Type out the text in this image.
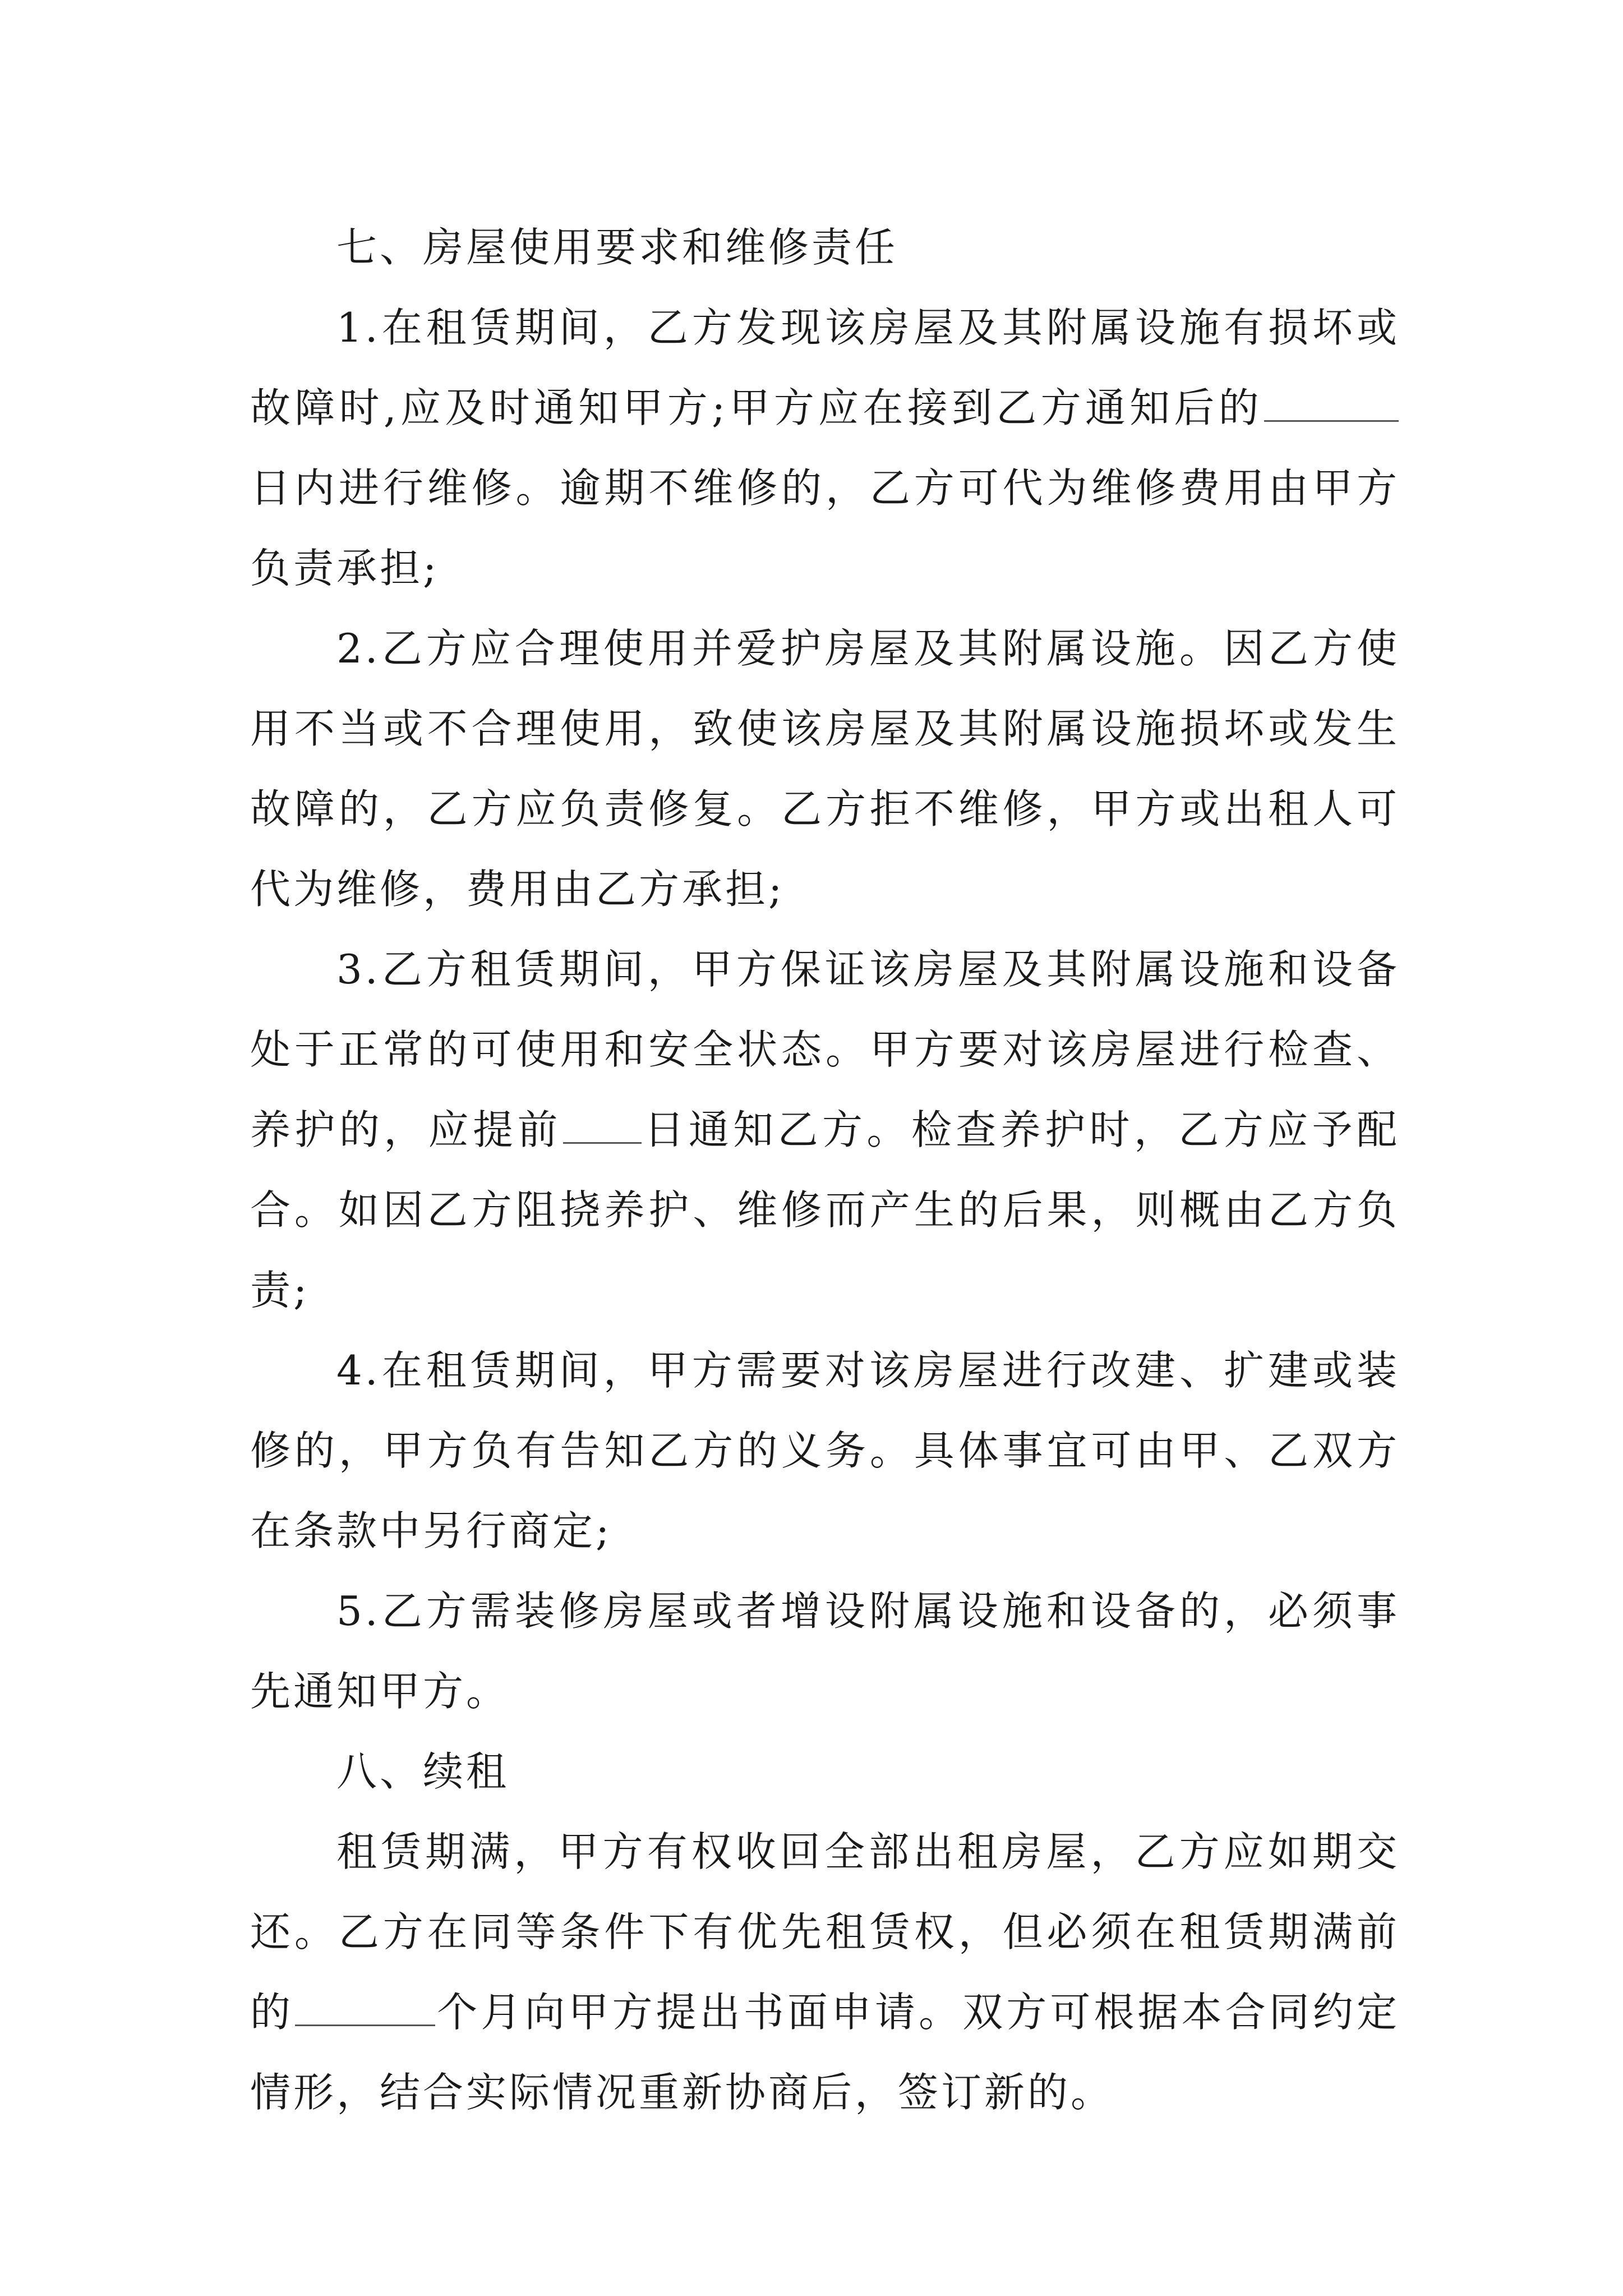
七、房屋使用要求和维修责任

1.在租赁期间，乙方发现该房屋及其附属设施有损坏或故障时,应及时通知甲方;甲方应在接到乙方通知后的日内进行维修。逾期不维修的，乙方可代为维修费用由甲方负责承担;

2.乙方应合理使用并爱护房屋及其附属设施。因乙方使用不当或不合理使用，致使该房屋及其附属设施损坏或发生故障的，乙方应负责修复。乙方拒不维修，甲方或出租人可代为维修，费用由乙方承担;

3.乙方租赁期间，甲方保证该房屋及其附属设施和设备处于正常的可使用和安全状态。甲方要对该房屋进行检查、养护的，应提前 日通知乙方。检查养护时，乙方应予配合。如因乙方阻挠养护、维修而产生的后果，则概由乙方负责;

4.在租赁期间，甲方需要对该房屋进行改建、扩建或装修的，甲方负有告知乙方的义务。具体事宜可由甲、乙双方在条款中另行商定;

5.乙方需装修房屋或者增设附属设施和设备的，必须事先通知甲方。

八、续租

租赁期满，甲方有权收回全部出租房屋，乙方应如期交还。乙方在同等条件下有优先租赁权，但必须在租赁期满前的	个月向甲方提出书面申请。双方可根据本合同约定情形，结合实际情况重新协商后，签订新的。
